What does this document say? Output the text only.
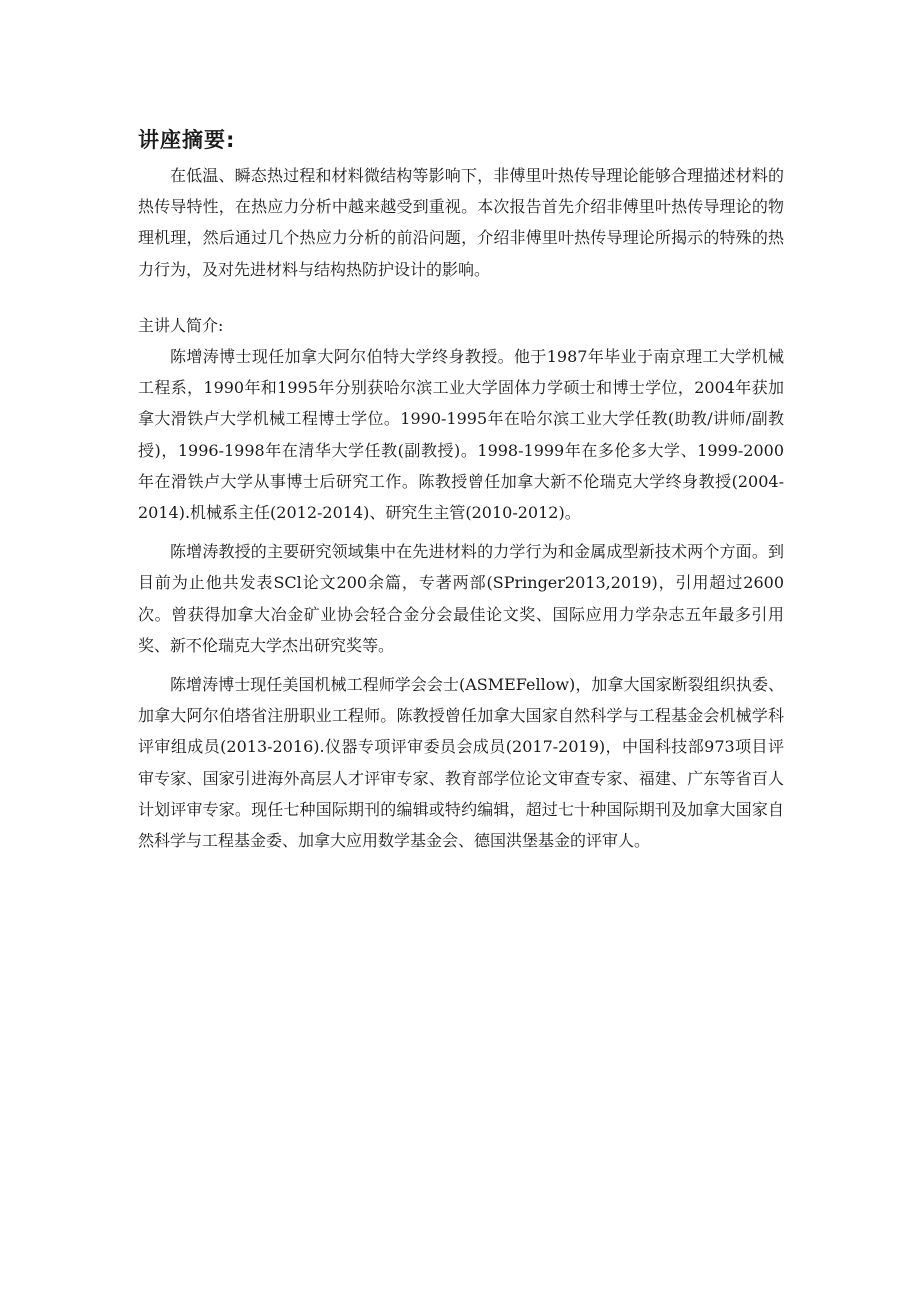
讲座摘要:

在低温、瞬态热过程和材料微结构等影响下，非傅里叶热传导理论能够合理描述材料的热传导特性，在热应力分析中越来越受到重视。本次报告首先介绍非傅里叶热传导理论的物理机理，然后通过几个热应力分析的前沿问题，介绍非傅里叶热传导理论所揭示的特殊的热力行为，及对先进材料与结构热防护设计的影响。

主讲人简介:

陈增涛博士现任加拿大阿尔伯特大学终身教授。他于1987年毕业于南京理工大学机械工程系，1990年和1995年分别获哈尔滨工业大学固体力学硕士和博士学位，2004年获加拿大滑铁卢大学机械工程博士学位。1990-1995年在哈尔滨工业大学任教(助教/讲师/副教授)，1996-1998年在清华大学任教(副教授)。1998-1999年在多伦多大学、1999-2000年在滑铁卢大学从事博士后研究工作。陈教授曾任加拿大新不伦瑞克大学终身教授(2004-2014).机械系主任(2012-2014)、研究生主管(2010-2012)。

陈增涛教授的主要研究领域集中在先进材料的力学行为和金属成型新技术两个方面。到目前为止他共发表SCl论文200余篇，专著两部(SPringer2013,2019)，引用超过2600次。曾获得加拿大冶金矿业协会轻合金分会最佳论文奖、国际应用力学杂志五年最多引用奖、新不伦瑞克大学杰出研究奖等。

陈增涛博士现任美国机械工程师学会会士(ASMEFellow)，加拿大国家断裂组织执委、加拿大阿尔伯塔省注册职业工程师。陈教授曾任加拿大国家自然科学与工程基金会机械学科评审组成员(2013-2016).仪器专项评审委员会成员(2017-2019)，中国科技部973项目评审专家、国家引进海外高层人才评审专家、教育部学位论文审查专家、福建、广东等省百人计划评审专家。现任七种国际期刊的编辑或特约编辑，超过七十种国际期刊及加拿大国家自然科学与工程基金委、加拿大应用数学基金会、德国洪堡基金的评审人。
